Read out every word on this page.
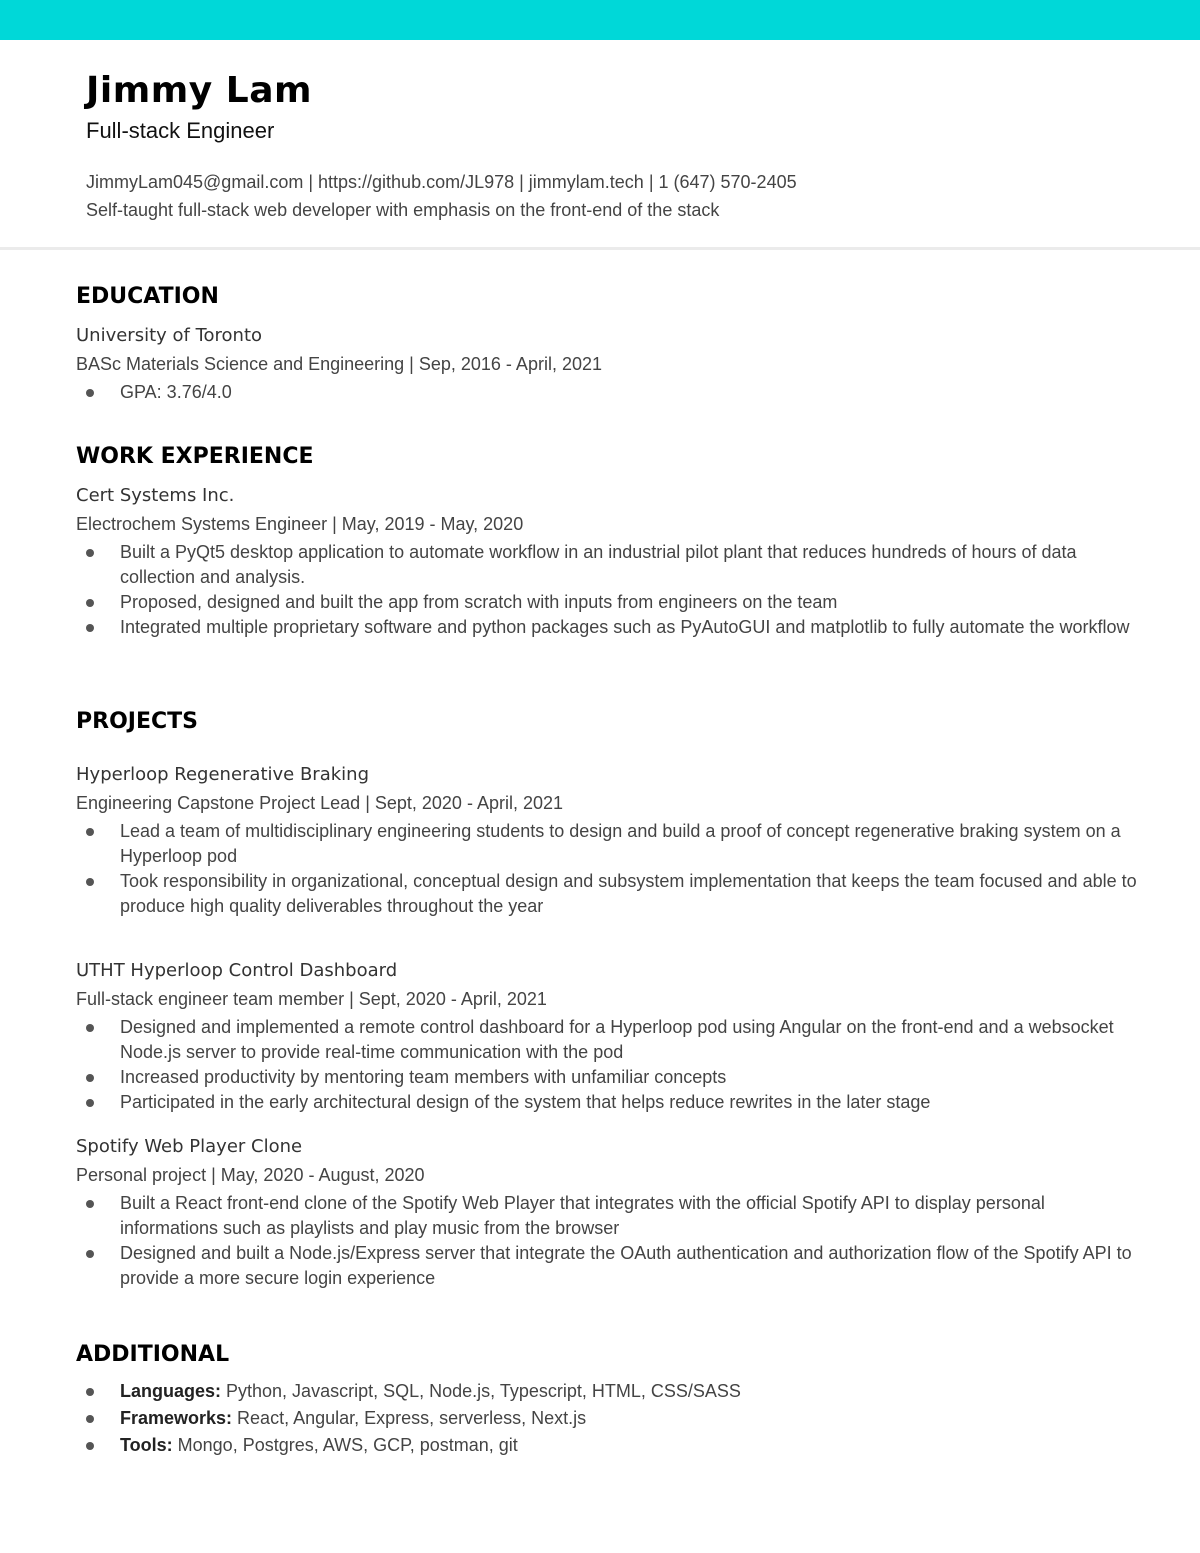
Jimmy Lam
Full-stack Engineer
JimmyLam045@gmail.com | https://github.com/JL978 | jimmylam.tech | 1 (647) 570-2405
Self-taught full-stack web developer with emphasis on the front-end of the stack
EDUCATION
University of Toronto
BASc Materials Science and Engineering | Sep, 2016 - April, 2021
GPA: 3.76/4.0
WORK EXPERIENCE
Cert Systems Inc.
Electrochem Systems Engineer | May, 2019 - May, 2020
Built a PyQt5 desktop application to automate workflow in an industrial pilot plant that reduces hundreds of hours of data collection and analysis.
Proposed, designed and built the app from scratch with inputs from engineers on the team
Integrated multiple proprietary software and python packages such as PyAutoGUI and matplotlib to fully automate the workflow
PROJECTS
Hyperloop Regenerative Braking
Engineering Capstone Project Lead | Sept, 2020 - April, 2021
Lead a team of multidisciplinary engineering students to design and build a proof of concept regenerative braking system on a Hyperloop pod
Took responsibility in organizational, conceptual design and subsystem implementation that keeps the team focused and able to produce high quality deliverables throughout the year
UTHT Hyperloop Control Dashboard
Full-stack engineer team member | Sept, 2020 - April, 2021
Designed and implemented a remote control dashboard for a Hyperloop pod using Angular on the front-end and a websocket Node.js server to provide real-time communication with the pod
Increased productivity by mentoring team members with unfamiliar concepts
Participated in the early architectural design of the system that helps reduce rewrites in the later stage
Spotify Web Player Clone
Personal project | May, 2020 - August, 2020
Built a React front-end clone of the Spotify Web Player that integrates with the official Spotify API to display personal informations such as playlists and play music from the browser
Designed and built a Node.js/Express server that integrate the OAuth authentication and authorization flow of the Spotify API to provide a more secure login experience
ADDITIONAL
Languages: Python, Javascript, SQL, Node.js, Typescript, HTML, CSS/SASS
Frameworks: React, Angular, Express, serverless, Next.js
Tools: Mongo, Postgres, AWS, GCP, postman, git
